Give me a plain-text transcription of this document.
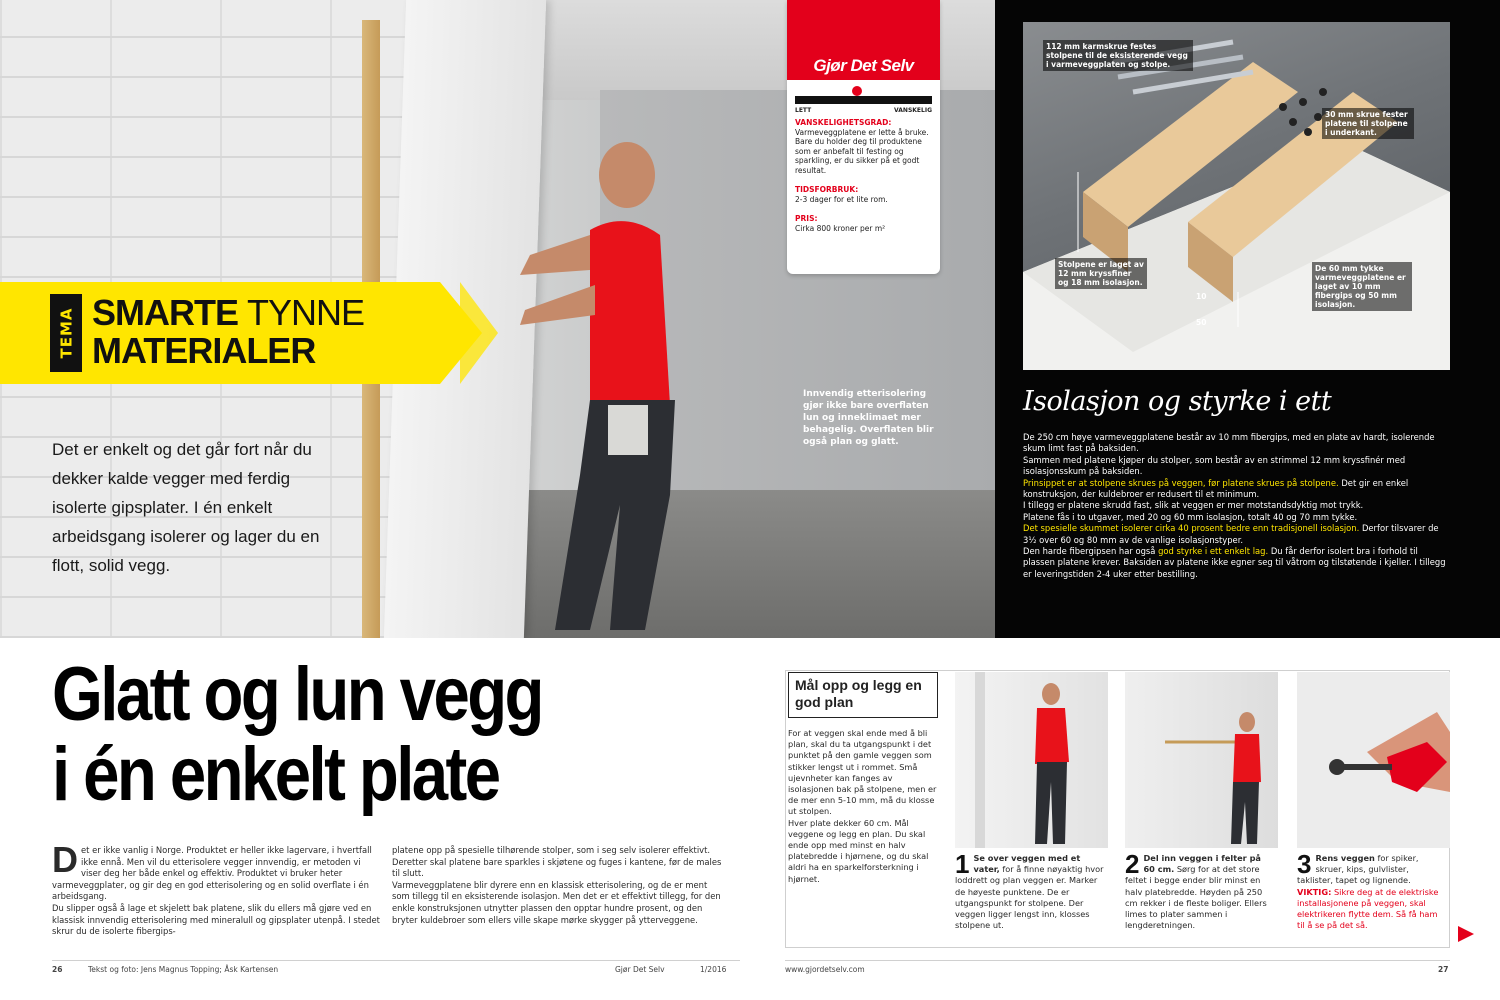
Innvendig etterisolering gjør ikke bare overflaten lun og inneklimaet mer behagelig. Overflaten blir også plan og glatt.
TEMA SMARTE TYNNE
MATERIALER
Det er enkelt og det går fort når du dekker kalde vegger med ferdig isolerte gipsplater. I én enkelt arbeidsgang isolerer og lager du en flott, solid vegg.
Gjør Det Selv
LETT	VANSKELIG
VANSKELIGHETSGRAD:
Varmeveggplatene er lette å bruke. Bare du holder deg til produktene som er anbefalt til festing og sparkling, er du sikker på et godt resultat.
TIDSFORBRUK:
2-3 dager for et lite rom.
PRIS:
Cirka 800 kroner per m²
112 mm karmskrue festes stolpene til de eksisterende vegg i varmeveggplaten og stolpe.
30 mm skrue fester platene til stolpene i underkant.
Stolpene er laget av 12 mm kryssfiner og 18 mm isolasjon.
De 60 mm tykke varmeveggplatene er laget av 10 mm fibergips og 50 mm isolasjon.
10
50
Isolasjon og styrke i ett

De 250 cm høye varmeveggplatene består av 10 mm fibergips, med en plate av hardt, isolerende skum limt fast på baksiden.

Sammen med platene kjøper du stolper, som består av en strimmel 12 mm kryssfinér med isolasjonsskum på baksiden.

Prinsippet er at stolpene skrues på veggen, før platene skrues på stolpene. Det gir en enkel konstruksjon, der kuldebroer er redusert til et minimum.

I tillegg er platene skrudd fast, slik at veggen er mer motstandsdyktig mot trykk.

Platene fås i to utgaver, med 20 og 60 mm isolasjon, totalt 40 og 70 mm tykke.

Det spesielle skummet isolerer cirka 40 prosent bedre enn tradisjonell isolasjon. Derfor tilsvarer de 3½ over 60 og 80 mm av de vanlige isolasjonstyper.

Den harde fibergipsen har også god styrke i ett enkelt lag. Du får derfor isolert bra i forhold til plassen platene krever. Baksiden av platene ikke egner seg til våtrom og tilstøtende i kjeller. I tillegg er leveringstiden 2-4 uker etter bestilling.

Glatt og lun vegg
i én enkelt plate
Det er ikke vanlig i Norge. Produktet er heller ikke lagervare, i hvertfall ikke ennå. Men vil du etterisolere vegger innvendig, er metoden vi viser deg her både enkel og effektiv. Produktet vi bruker heter varmeveggplater, og gir deg en god etterisolering og en solid overflate i én arbeidsgang.
Du slipper også å lage et skjelett bak platene, slik du ellers må gjøre ved en klassisk innvendig etterisolering med mineralull og gipsplater utenpå. I stedet skrur du de isolerte fibergips-
platene opp på spesielle tilhørende stolper, som i seg selv isolerer effektivt. Deretter skal platene bare sparkles i skjøtene og fuges i kantene, før de males til slutt.
Varmeveggplatene blir dyrere enn en klassisk etterisolering, og de er ment som tillegg til en eksisterende isolasjon. Men det er et effektivt tillegg, for den enkle konstruksjonen utnytter plassen den opptar hundre prosent, og den bryter kuldebroer som ellers ville skape mørke skygger på ytterveggene.
Mål opp og legg en god plan
For at veggen skal ende med å bli plan, skal du ta utgangspunkt i det punktet på den gamle veggen som stikker lengst ut i rommet. Små ujevnheter kan fanges av isolasjonen bak på stolpene, men er de mer enn 5-10 mm, må du klosse ut stolpen.
Hver plate dekker 60 cm. Mål veggene og legg en plan. Du skal ende opp med minst en halv platebredde i hjørnene, og du skal aldri ha en sparkelforsterkning i hjørnet.	1 Se over veggen med et vater, for å finne nøyaktig hvor loddrett og plan veggen er. Marker de høyeste punktene. De er utgangspunkt for stolpene. Der veggen ligger lengst inn, klosses stolpene ut.
2 Del inn veggen i felter på 60 cm. Sørg for at det store feltet i begge ender blir minst en halv platebredde. Høyden på 250 cm rekker i de fleste boliger. Ellers limes to plater sammen i lengderetningen.
3 Rens veggen for spiker, skruer, kips, gulvlister, taklister, tapet og lignende. VIKTIG: Sikre deg at de elektriske installasjonene på veggen, skal elektrikeren flytte dem. Så få ham til å se på det så.
26	Tekst og foto: Jens Magnus Topping; Åsk Kartensen	Gjør Det Selv	1/2016	www.gjordetselv.com	27
